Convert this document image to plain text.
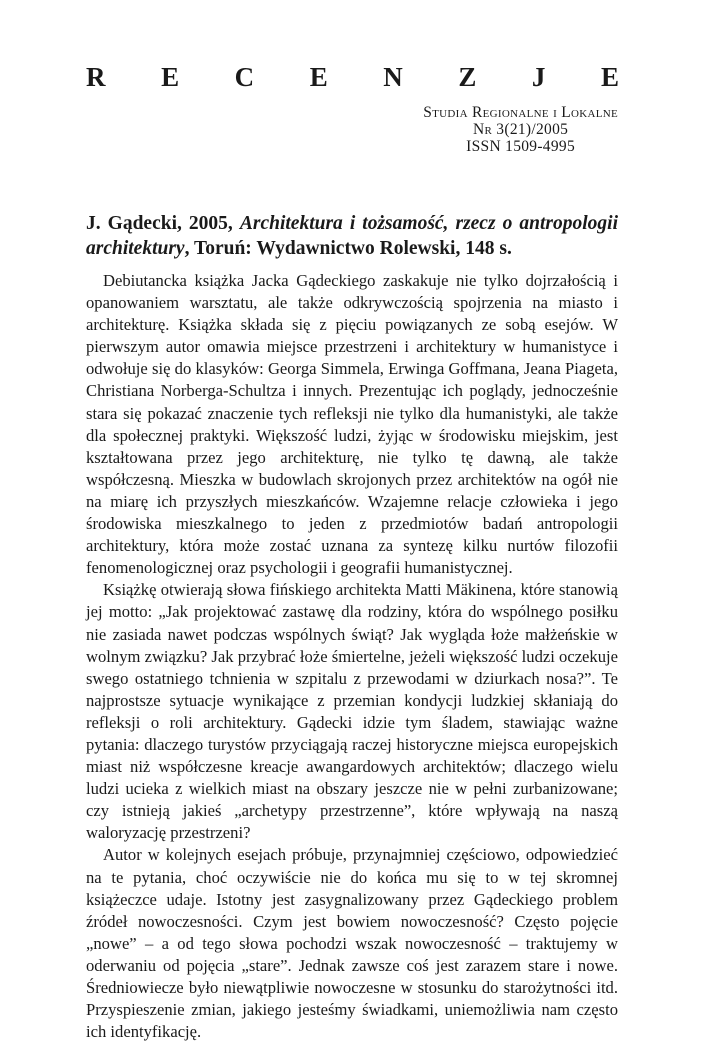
R E C E N Z J E
Studia Regionalne i Lokalne
Nr 3(21)/2005
ISSN 1509-4995
J. Gądecki, 2005, Architektura i tożsamość, rzecz o antropologii architektury, Toruń: Wydawnictwo Rolewski, 148 s.

Debiutancka książka Jacka Gądeckiego zaskakuje nie tylko dojrzałością i opanowaniem warsztatu, ale także odkrywczością spojrzenia na miasto i architekturę. Książka składa się z pięciu powiązanych ze sobą esejów. W pierwszym autor omawia miejsce przestrzeni i architektury w humanistyce i odwołuje się do klasyków: Georga Simmela, Erwinga Goffmana, Jeana Piageta, Christiana Norberga-Schultza i innych. Prezentując ich poglądy, jednocześnie stara się pokazać znaczenie tych refleksji nie tylko dla humanistyki, ale także dla społecznej praktyki. Większość ludzi, żyjąc w środowisku miejskim, jest kształtowana przez jego architekturę, nie tylko tę dawną, ale także współczesną. Mieszka w budowlach skrojonych przez architektów na ogół nie na miarę ich przyszłych mieszkańców. Wzajemne relacje człowieka i jego środowiska mieszkalnego to jeden z przedmiotów badań antropologii architektury, która może zostać uznana za syntezę kilku nurtów filozofii fenomenologicznej oraz psychologii i geografii humanistycznej.

Książkę otwierają słowa fińskiego architekta Matti Mäkinena, które stanowią jej motto: „Jak projektować zastawę dla rodziny, która do wspólnego posiłku nie zasiada nawet podczas wspólnych świąt? Jak wygląda łoże małżeńskie w wolnym związku? Jak przybrać łoże śmiertelne, jeżeli większość ludzi oczekuje swego ostatniego tchnienia w szpitalu z przewodami w dziurkach nosa?”. Te najprostsze sytuacje wynikające z przemian kondycji ludzkiej skłaniają do refleksji o roli architektury. Gądecki idzie tym śladem, stawiając ważne pytania: dlaczego turystów przyciągają raczej historyczne miejsca europejskich miast niż współczesne kreacje awangardowych architektów; dlaczego wielu ludzi ucieka z wielkich miast na obszary jeszcze nie w pełni zurbanizowane; czy istnieją jakieś „archetypy przestrzenne”, które wpływają na naszą waloryzację przestrzeni?

Autor w kolejnych esejach próbuje, przynajmniej częściowo, odpowiedzieć na te pytania, choć oczywiście nie do końca mu się to w tej skromnej książeczce udaje. Istotny jest zasygnalizowany przez Gądeckiego problem źródeł nowoczesności. Czym jest bowiem nowoczesność? Często pojęcie „nowe” – a od tego słowa pochodzi wszak nowoczesność – traktujemy w oderwaniu od pojęcia „stare”. Jednak zawsze coś jest zarazem stare i nowe. Średniowiecze było niewątpliwie nowoczesne w stosunku do starożytności itd. Przyspieszenie zmian, jakiego jesteśmy świadkami, uniemożliwia nam często ich identyfikację.
